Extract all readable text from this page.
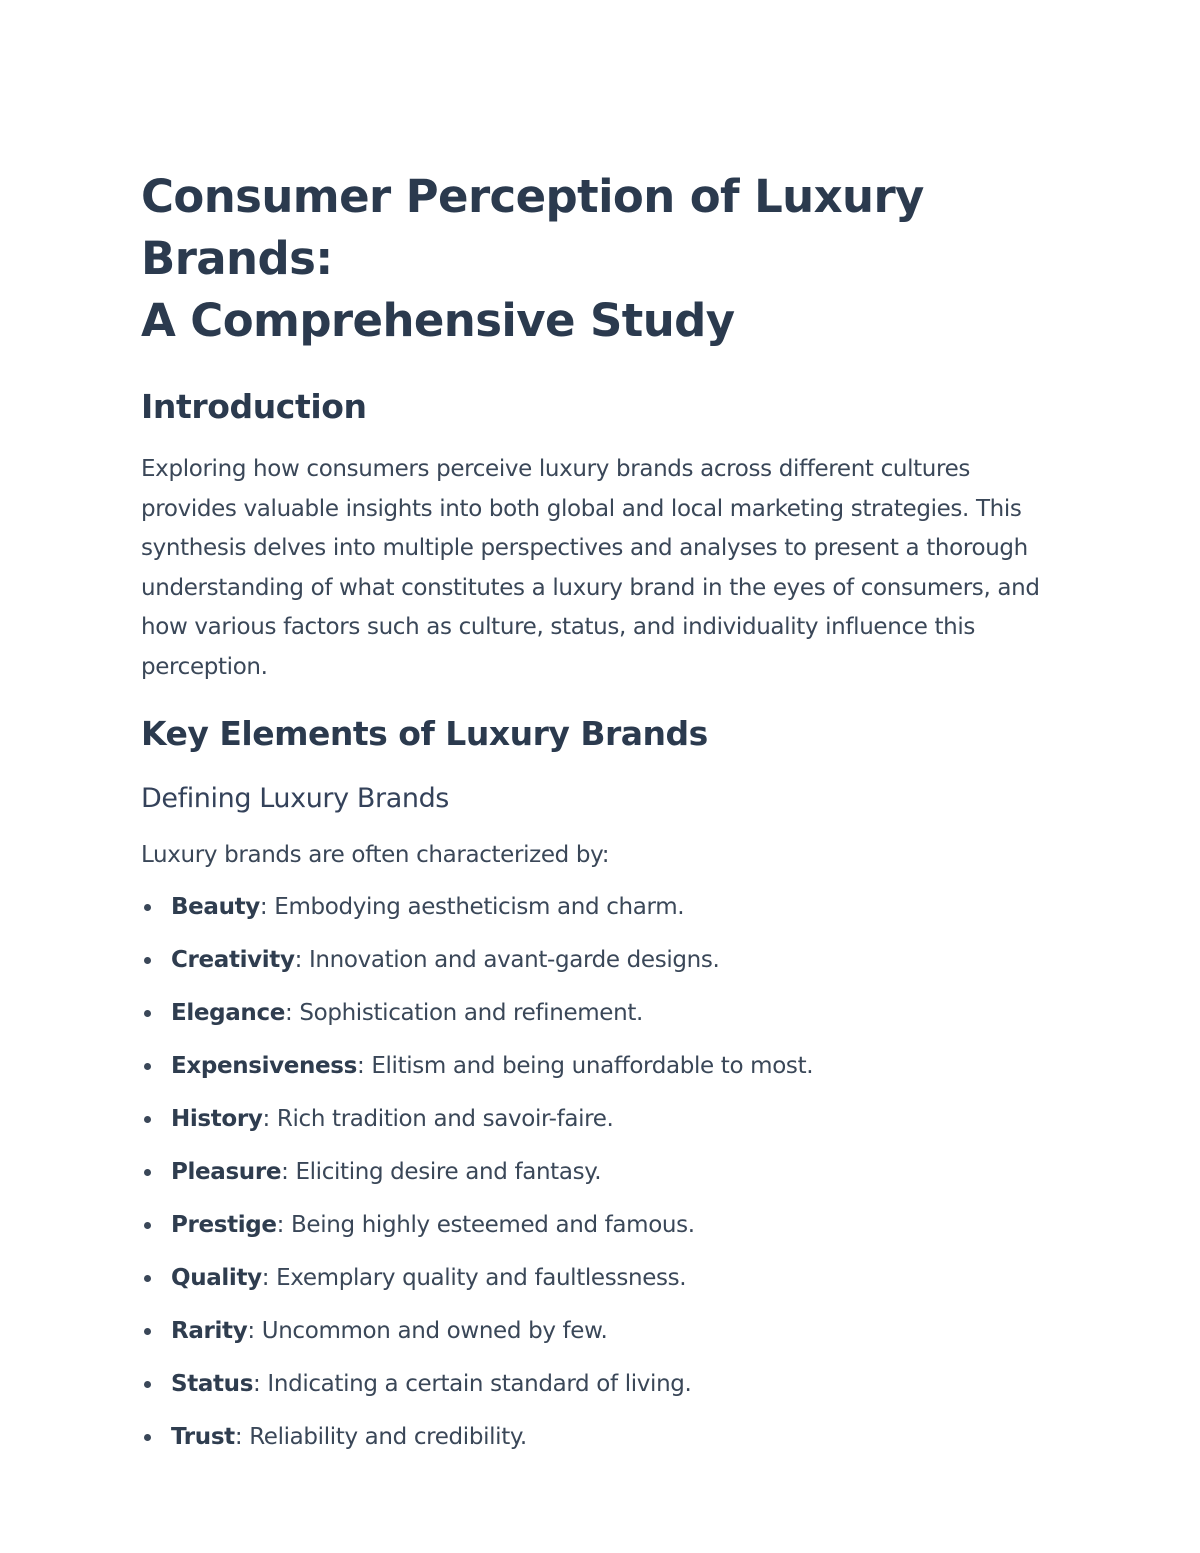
Consumer Perception of Luxury Brands:
A Comprehensive Study
Introduction

Exploring how consumers perceive luxury brands across different cultures provides valuable insights into both global and local marketing strategies. This synthesis delves into multiple perspectives and analyses to present a thorough understanding of what constitutes a luxury brand in the eyes of consumers, and how various factors such as culture, status, and individuality influence this perception.

Key Elements of Luxury Brands
Defining Luxury Brands

Luxury brands are often characterized by:

Beauty: Embodying aestheticism and charm.
Creativity: Innovation and avant-garde designs.
Elegance: Sophistication and refinement.
Expensiveness: Elitism and being unaffordable to most.
History: Rich tradition and savoir-faire.
Pleasure: Eliciting desire and fantasy.
Prestige: Being highly esteemed and famous.
Quality: Exemplary quality and faultlessness.
Rarity: Uncommon and owned by few.
Status: Indicating a certain standard of living.
Trust: Reliability and credibility.
